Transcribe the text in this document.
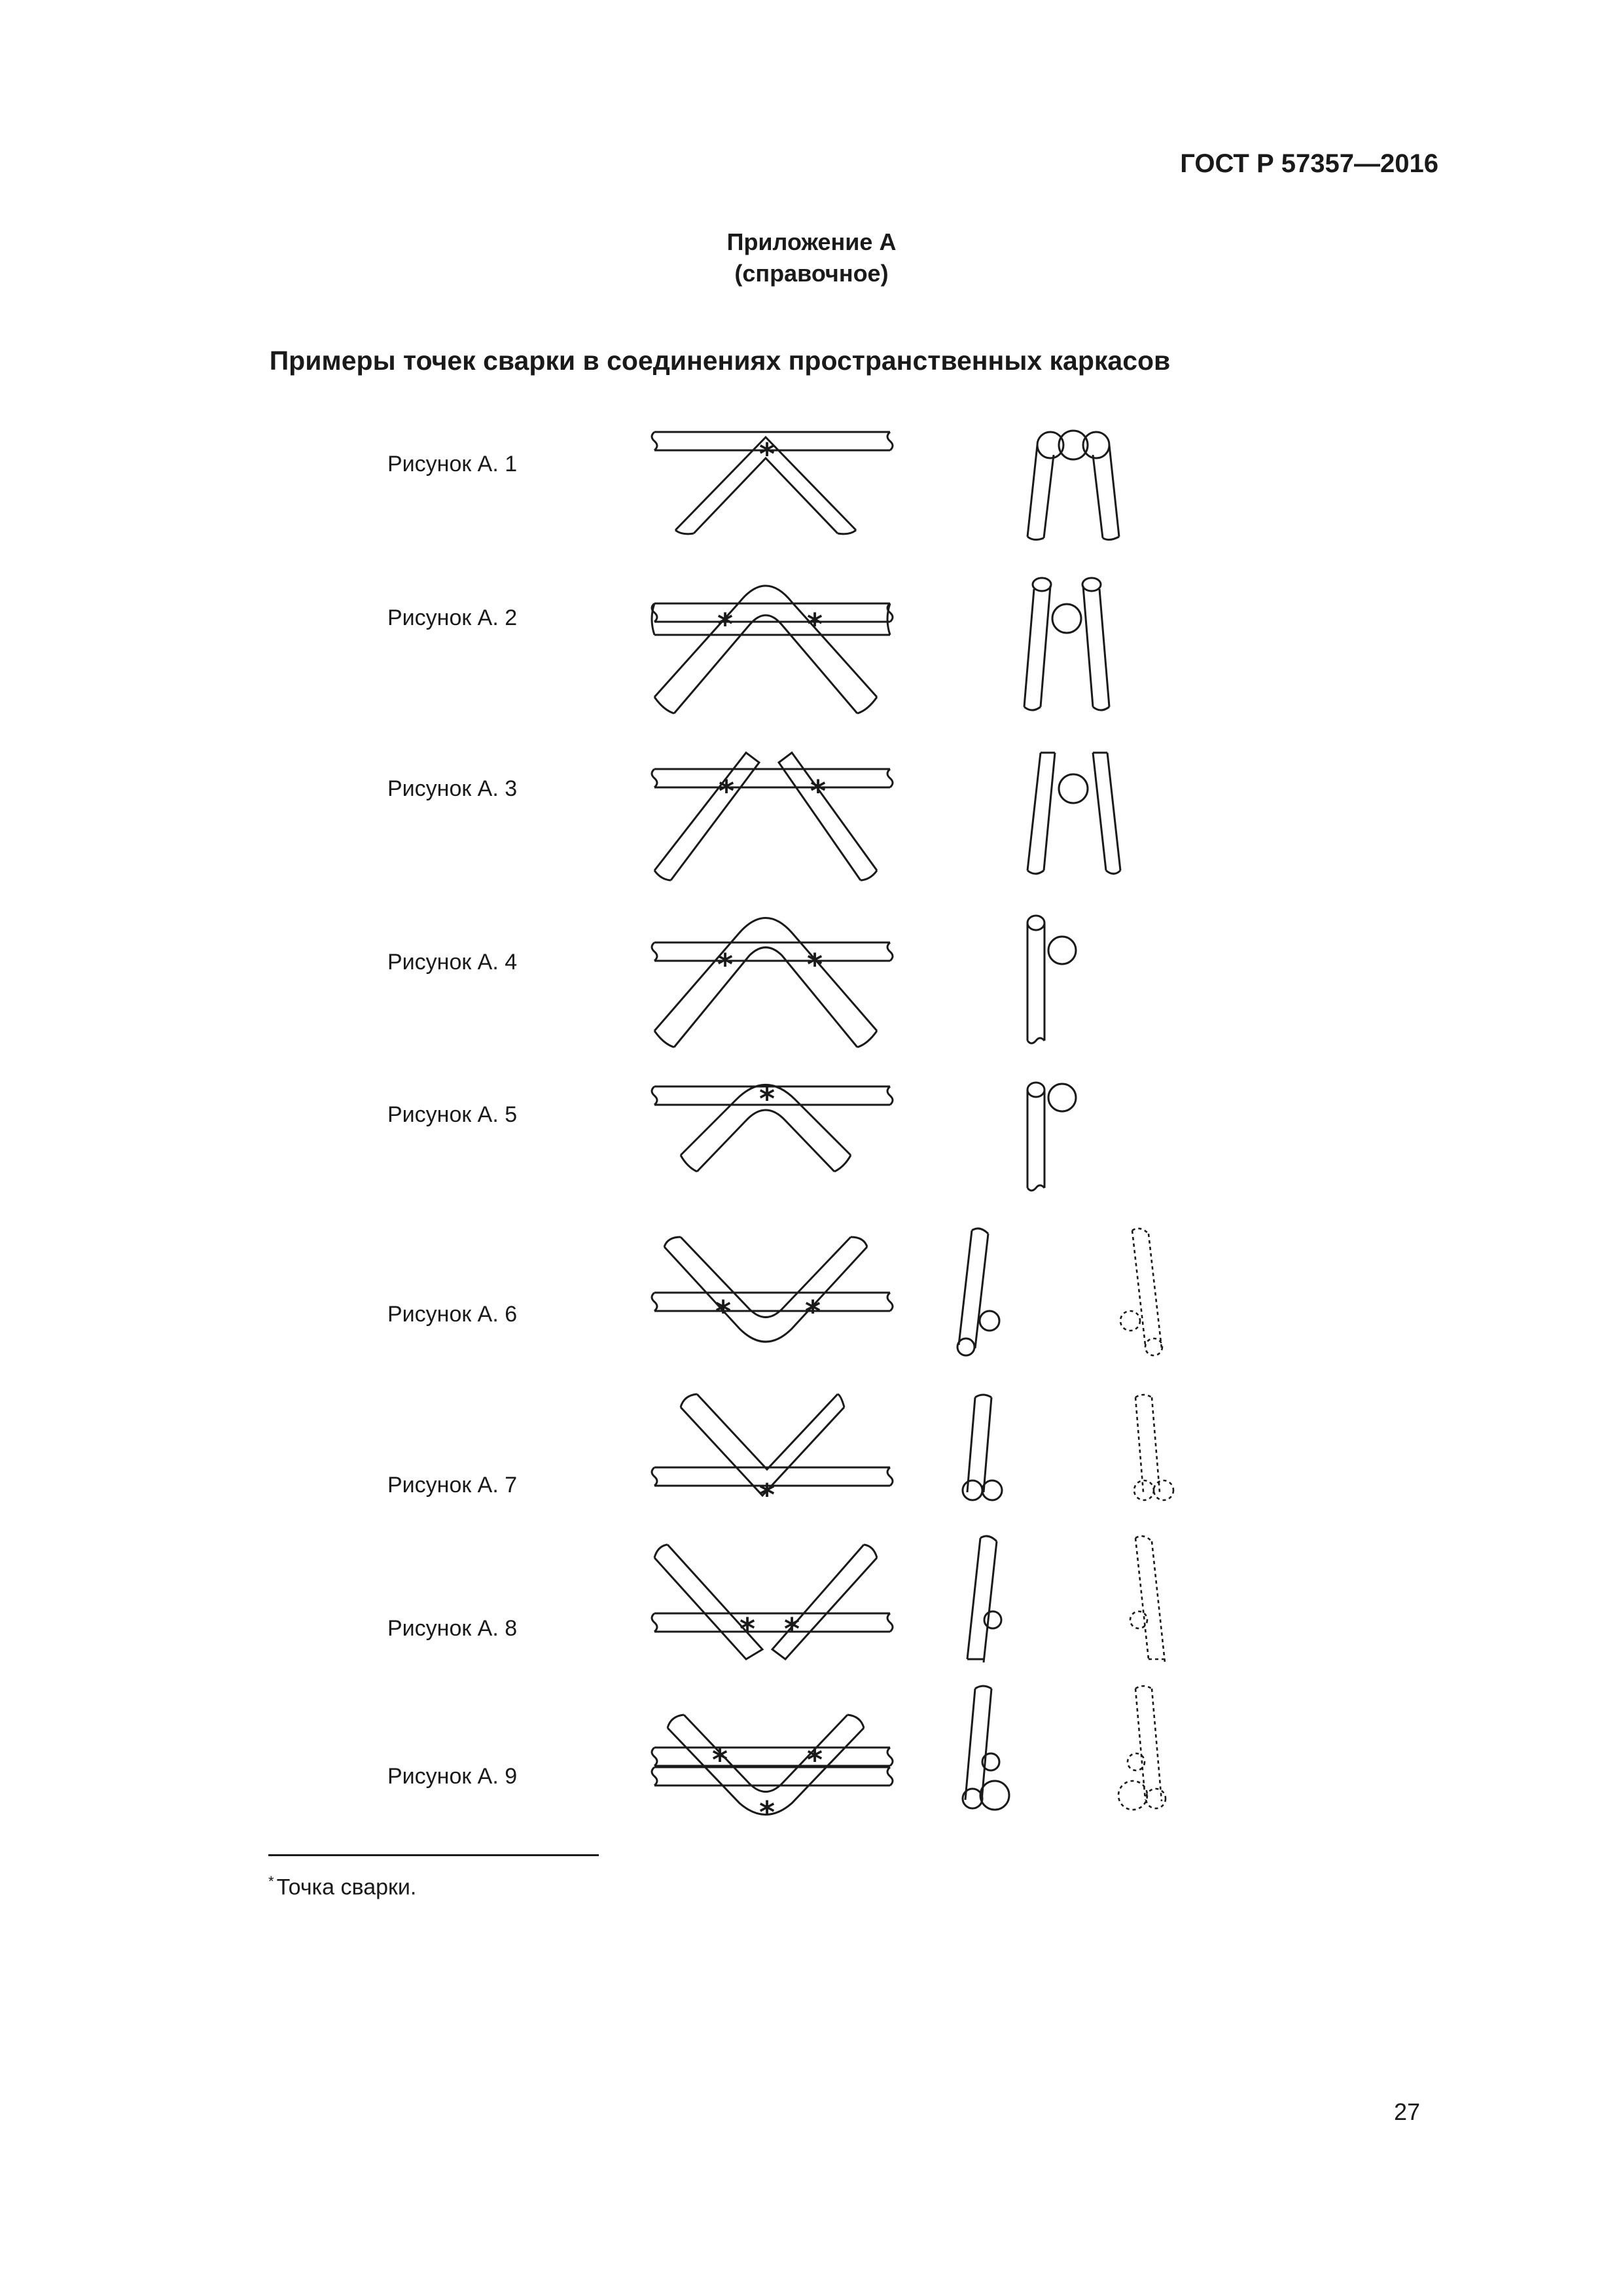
ГОСТ Р 57357—2016
Приложение А
(справочное)
Примеры точек сварки в соединениях пространственных каркасов
Рисунок А. 1
Рисунок А. 2
Рисунок А. 3
Рисунок А. 4
Рисунок А. 5
Рисунок А. 6
Рисунок А. 7
Рисунок А. 8
Рисунок А. 9
*
* *
*	*
* *
*
* *
*
* *
*	*
*
* Точка сварки.
27
